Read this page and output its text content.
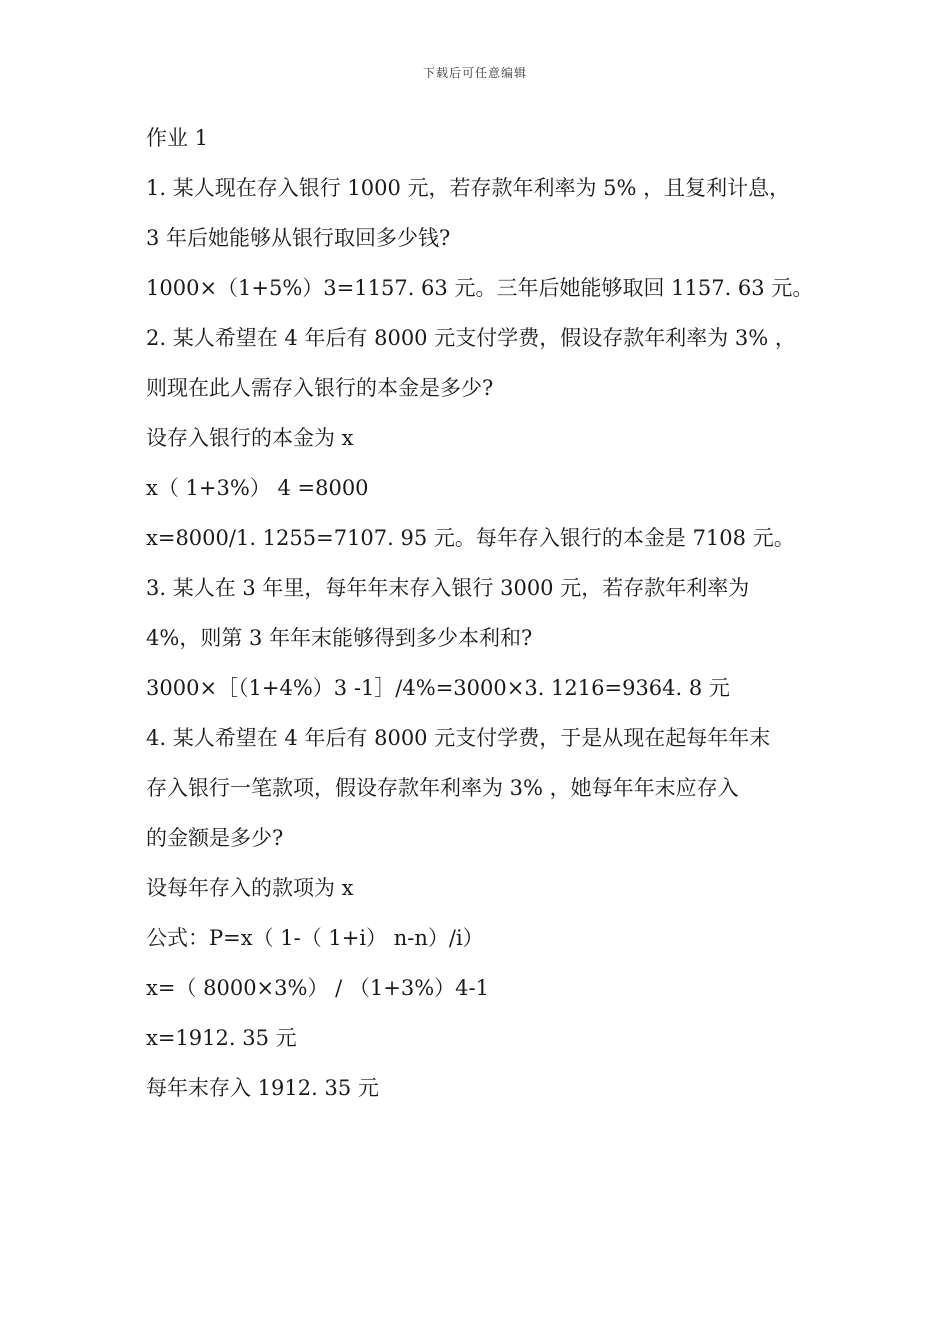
下载后可任意编辑
作业 1
1. 某人现在存入银行 1000 元，若存款年利率为 5% ，且复利计息，
3 年后她能够从银行取回多少钱?
1000×（1+5%）3=1157. 63 元。三年后她能够取回 1157. 63 元。
2. 某人希望在 4 年后有 8000 元支付学费，假设存款年利率为 3% ，
则现在此人需存入银行的本金是多少?
设存入银行的本金为 x
x（ 1+3%） 4 =8000
x=8000/1. 1255=7107. 95 元。每年存入银行的本金是 7108 元。
3. 某人在 3 年里，每年年末存入银行 3000 元，若存款年利率为
4%，则第 3 年年末能够得到多少本利和?
3000×［（1+4%）3 -1］/4%=3000×3. 1216=9364. 8 元
4. 某人希望在 4 年后有 8000 元支付学费，于是从现在起每年年末
存入银行一笔款项，假设存款年利率为 3% ，她每年年末应存入
的金额是多少?
设每年存入的款项为 x
公式：P=x（ 1-（ 1+i） n-n）/i）
x=（ 8000×3%） / （1+3%）4-1
x=1912. 35 元
每年末存入 1912. 35 元
